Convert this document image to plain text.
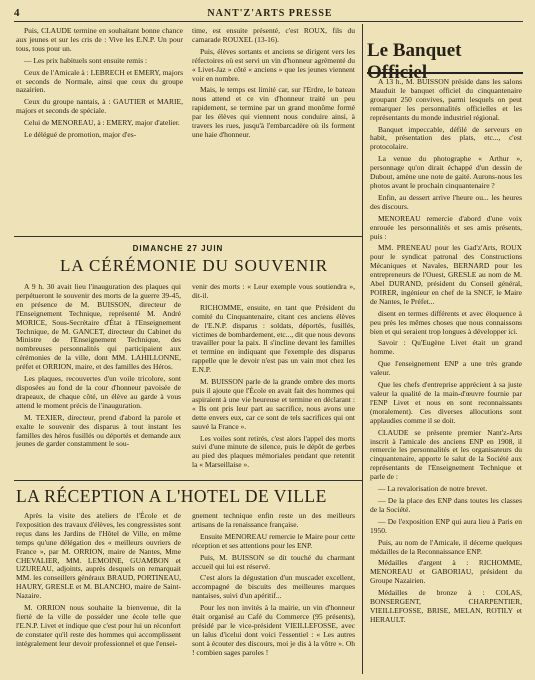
4	NANT'Z'ARTS PRESSE

Puis, CLAUDE termine en souhaitant bonne chance aux jeunes et sur les cris de : Vive les E.N.P. Un pour tous, tous pour un.

— Les prix habituels sont ensuite remis :

Ceux de l'Amicale à : LEBRECH et EMERY, majors et seconds de Normale, ainsi que ceux du groupe nazairien.

Ceux du groupe nantais, à : GAUTIER et MARIE, majors et seconds de spéciale.

Celui de MENOREAU, à : EMERY, major d'atelier.

Le délégué de promotion, major d'es-

time, est ensuite présenté, c'est ROUX, fils du camarade ROUXEL (13-16).

Puis, élèves sortants et anciens se dirigent vers les réfectoires où est servi un vin d'honneur agrémenté du « Livet-Jaz » côté « anciens » que les jeunes viennent voir en nombre.

Mais, le temps est limité car, sur l'Erdre, le bateau nous attend et ce vin d'honneur traité un peu rapidement, se termine par un grand monôme formé par les élèves qui viennent nous conduire ainsi, à travers les rues, jusqu'à l'embarcadère où ils forment une haie d'honneur.

Le Banquet Officiel

A 13 h., M. BUISSON préside dans les salons Mauduit le banquet officiel du cinquantenaire groupant 250 convives, parmi lesquels on peut remarquer les personnalités officielles et les représentants du monde industriel régional.

Banquet impeccable, défilé de serveurs en habit, présentation des plats, etc..., c'est protocolaire.

La venue du photographe « Arthur », personnage qu'on dirait échappé d'un dessin de Dubout, amène une note de gaité. Aurons-nous les photos avant le prochain cinquantenaire ?

Enfin, au dessert arrive l'heure ou... les heures des discours.

MENOREAU remercie d'abord d'une voix enrouée les personnalités et ses amis présents, puis :

MM. PRENEAU pour les Gad'z'Arts, ROUX pour le syndicat patronal des Constructions Mécaniques et Navales, BERNARD pour les entrepreneurs de l'Ouest, GRESLE au nom de M. Abel DURAND, président du Conseil général, POIRER, ingénieur en chef de la SNCF, le Maire de Nantes, le Préfet...

disent en termes différents et avec éloquence à peu près les mêmes choses que nous connaissons bien et qui seraient trop longues à développer ici.

Savoir : Qu'Eugène Livet était un grand homme.

Que l'enseignement ENP a une très grande valeur.

Que les chefs d'entreprise apprécient à sa juste valeur la qualité de la main-d'œuvre fournie par l'ENP Livet et nous en sont reconnaissants (moralement). Ces diverses allocutions sont applaudies comme il se doit.

CLAUDE se présente premier Nant'z-Arts inscrit à l'amicale des anciens ENP en 1908, il remercie les personnalités et les organisateurs du cinquantenaire, apporte le salut de la Société aux représentants de l'Enseignement Technique et parle de :

— La revalorisation de notre brevet.

— De la place des ENP dans toutes les classes de la Société.

— De l'exposition ENP qui aura lieu à Paris en 1950.

Puis, au nom de l'Amicale, il décerne quelques médailles de la Reconnaissance ENP.

Médailles d'argent à : RICHOMME, MENOREAU et GABORIAU, président du Groupe Nazairien.

Médailles de bronze à : COLAS, BONSERGENT, CHARPENTIER, VIEILLEFOSSE, BRISE, MELAN, ROTILY et HERAULT.

DIMANCHE 27 JUIN
LA CÉRÉMONIE DU SOUVENIR

A 9 h. 30 avait lieu l'inauguration des plaques qui perpétueront le souvenir des morts de la guerre 39-45, en présence de M. BUISSON, directeur de l'Enseignement Technique, représenté M. André MORICE, Sous-Secrétaire d'État à l'Enseignement Technique, de M. GANCET, directeur du Cabinet du Ministre de l'Enseignement Technique, des nombreuses personnalités qui participaient aux cérémonies de la ville, dont MM. LAHILLONNE, préfet et ORRION, maire, et des familles des Héros.

Les plaques, recouvertes d'un voile tricolore, sont disposées au fond de la cour d'honneur pavoisée de drapeaux, de chaque côté, un élève au garde à vous attend le moment précis de l'inauguration.

M. TEXIER, directeur, prend d'abord la parole et exalte le souvenir des disparus à tout instant les familles des héros fusillés ou déportés et demande aux jeunes de garder constamment le sou-

venir des morts : « Leur exemple vous soutiendra », dit-il.

RICHOMME, ensuite, en tant que Président du comité du Cinquantenaire, citant ces anciens élèves de l'E.N.P. disparus : soldats, déportés, fusillés, victimes de bombardement, etc..., dit que nous devons travailler pour la paix. Il s'incline devant les familles et termine en indiquant que l'exemple des disparus rappelle que le devoir n'est pas un vain mot chez les E.N.P.

M. BUISSON parle de la grande ombre des morts puis il ajoute que l'École en avait fait des hommes qui aspiraient à une vie heureuse et termine en déclarant : « Ils ont pris leur part au sacrifice, nous avons une dette envers eux, car ce sont de tels sacrifices qui ont sauvé la France ».

Les voiles sont retirés, c'est alors l'appel des morts suivi d'une minute de silence, puis le dépôt de gerbes au pied des plaques mémoriales pendant que retentit la « Marseillaise ».

LA RÉCEPTION A L'HOTEL DE VILLE

Après la visite des ateliers de l'École et de l'exposition des travaux d'élèves, les congressistes sont reçus dans les Jardins de l'Hôtel de Ville, en même temps qu'une délégation des « meilleurs ouvriers de France », par M. ORRION, maire de Nantes, Mme CHEVALIER, MM. LEMOINE, GUAMBON et UZUREAU, adjoints, auprès desquels on remarquait MM. les conseillers généraux BRAUD, PORTINEAU, HAURY, GRESLE et M. BLANCHO, maire de Saint-Nazaire.

M. ORRION nous souhaite la bienvenue, dit la fierté de la ville de posséder une école telle que l'E.N.P. Livet et indique que c'est pour lui un réconfort de constater qu'il reste des hommes qui accomplissent intégralement leur devoir professionnel et que l'ensei-

gnement technique enfin reste un des meilleurs artisans de la renaissance française.

Ensuite MENOREAU remercie le Maire pour cette réception et ses attentions pour les ENP.

Puis, M. BUISSON se dit touché du charmant accueil qui lui est réservé.

C'est alors la dégustation d'un muscadet excellent, accompagné de biscuits des meilleures marques nantaises, suivi d'un apéritif...

Pour les non invités à la mairie, un vin d'honneur était organisé au Café du Commerce (95 présents), présidé par le vice-président VIEILLEFOSSE, avec un laïus d'icelui dont voici l'essentiel : « Les autres sont à écouter des discours, moi je dis à la vôtre ». Oh ! combien sages paroles !
